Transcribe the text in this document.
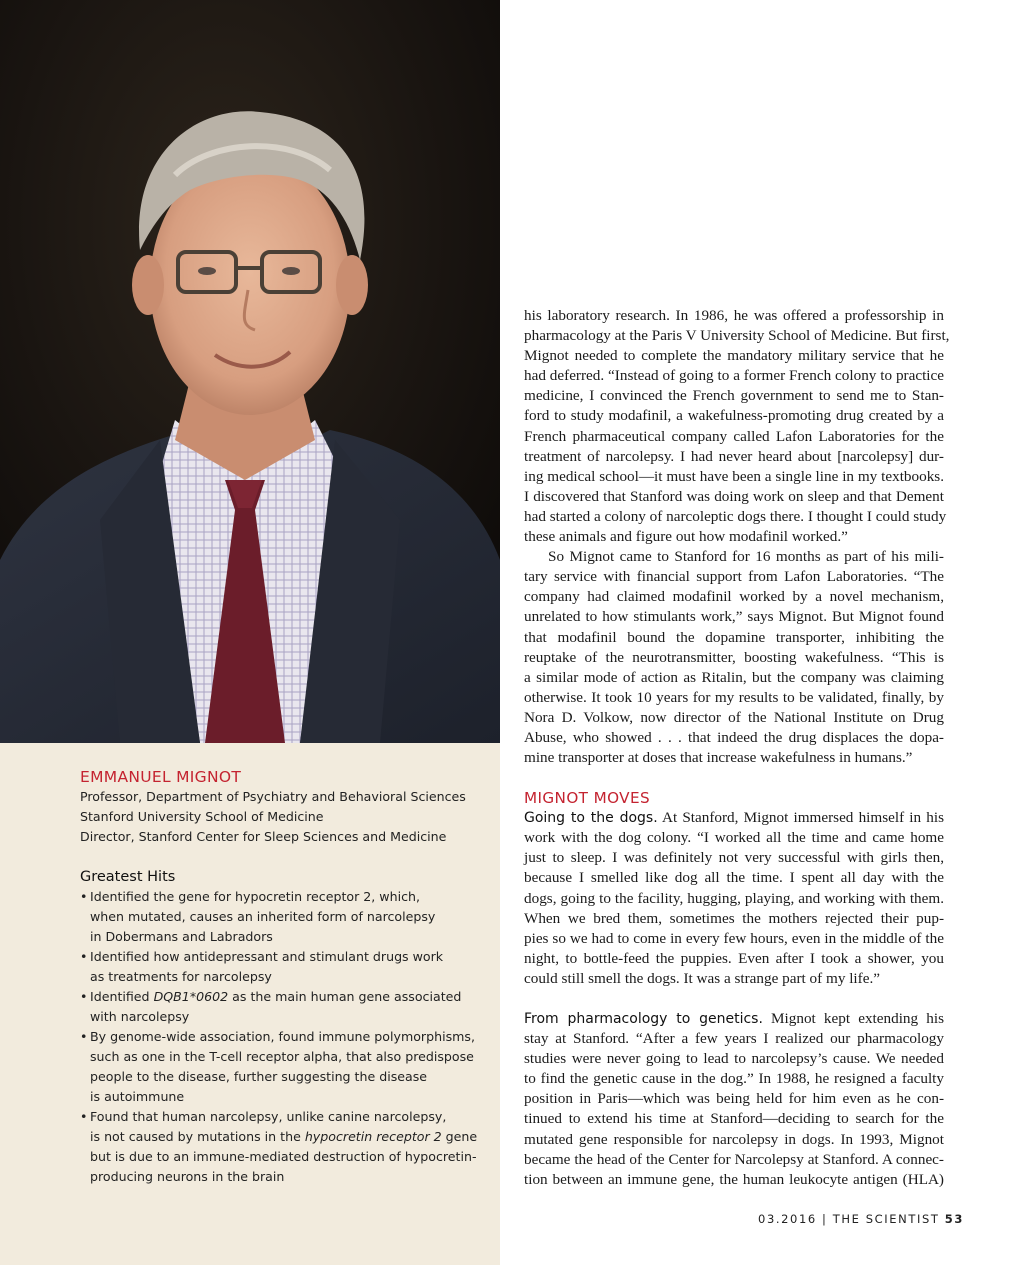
EMMANUEL MIGNOT

Professor, Department of Psychiatry and Behavioral Sciences

Stanford University School of Medicine

Director, Stanford Center for Sleep Sciences and Medicine

Greatest Hits

• Identified the gene for hypocretin receptor 2, which,
when mutated, causes an inherited form of narcolepsy
in Dobermans and Labradors
• Identified how antidepressant and stimulant drugs work
as treatments for narcolepsy
• Identified DQB1*0602 as the main human gene associated
with narcolepsy
• By genome-wide association, found immune polymorphisms,
such as one in the T-cell receptor alpha, that also predispose
people to the disease, further suggesting the disease
is autoimmune
• Found that human narcolepsy, unlike canine narcolepsy,
is not caused by mutations in the hypocretin receptor 2 gene
but is due to an immune-mediated destruction of hypocretin-
producing neurons in the brain
his laboratory research. In 1986, he was offered a professorship in
pharmacology at the Paris V University School of Medicine. But first,
Mignot needed to complete the mandatory military service that he
had deferred. “Instead of going to a former French colony to practice
medicine, I convinced the French government to send me to Stan-
ford to study modafinil, a wakefulness-promoting drug created by a
French pharmaceutical company called Lafon Laboratories for the
treatment of narcolepsy. I had never heard about [narcolepsy] dur-
ing medical school—it must have been a single line in my textbooks.
I discovered that Stanford was doing work on sleep and that Dement
had started a colony of narcoleptic dogs there. I thought I could study
these animals and figure out how modafinil worked.”
So Mignot came to Stanford for 16 months as part of his mili-
tary service with financial support from Lafon Laboratories. “The
company had claimed modafinil worked by a novel mechanism,
unrelated to how stimulants work,” says Mignot. But Mignot found
that modafinil bound the dopamine transporter, inhibiting the
reuptake of the neurotransmitter, boosting wakefulness. “This is
a similar mode of action as Ritalin, but the company was claiming
otherwise. It took 10 years for my results to be validated, finally, by
Nora D. Volkow, now director of the National Institute on Drug
Abuse, who showed . . . that indeed the drug displaces the dopa-
mine transporter at doses that increase wakefulness in humans.”

MIGNOT MOVES

Going to the dogs. At Stanford, Mignot immersed himself in his
work with the dog colony. “I worked all the time and came home
just to sleep. I was definitely not very successful with girls then,
because I smelled like dog all the time. I spent all day with the
dogs, going to the facility, hugging, playing, and working with them.
When we bred them, sometimes the mothers rejected their pup-
pies so we had to come in every few hours, even in the middle of the
night, to bottle-feed the puppies. Even after I took a shower, you
could still smell the dogs. It was a strange part of my life.”
From pharmacology to genetics. Mignot kept extending his
stay at Stanford. “After a few years I realized our pharmacology
studies were never going to lead to narcolepsy’s cause. We needed
to find the genetic cause in the dog.” In 1988, he resigned a faculty
position in Paris—which was being held for him even as he con-
tinued to extend his time at Stanford—deciding to search for the
mutated gene responsible for narcolepsy in dogs. In 1993, Mignot
became the head of the Center for Narcolepsy at Stanford. A connec-
tion between an immune gene, the human leukocyte antigen (HLA)
03.2016 | THE SCIENTIST 53
